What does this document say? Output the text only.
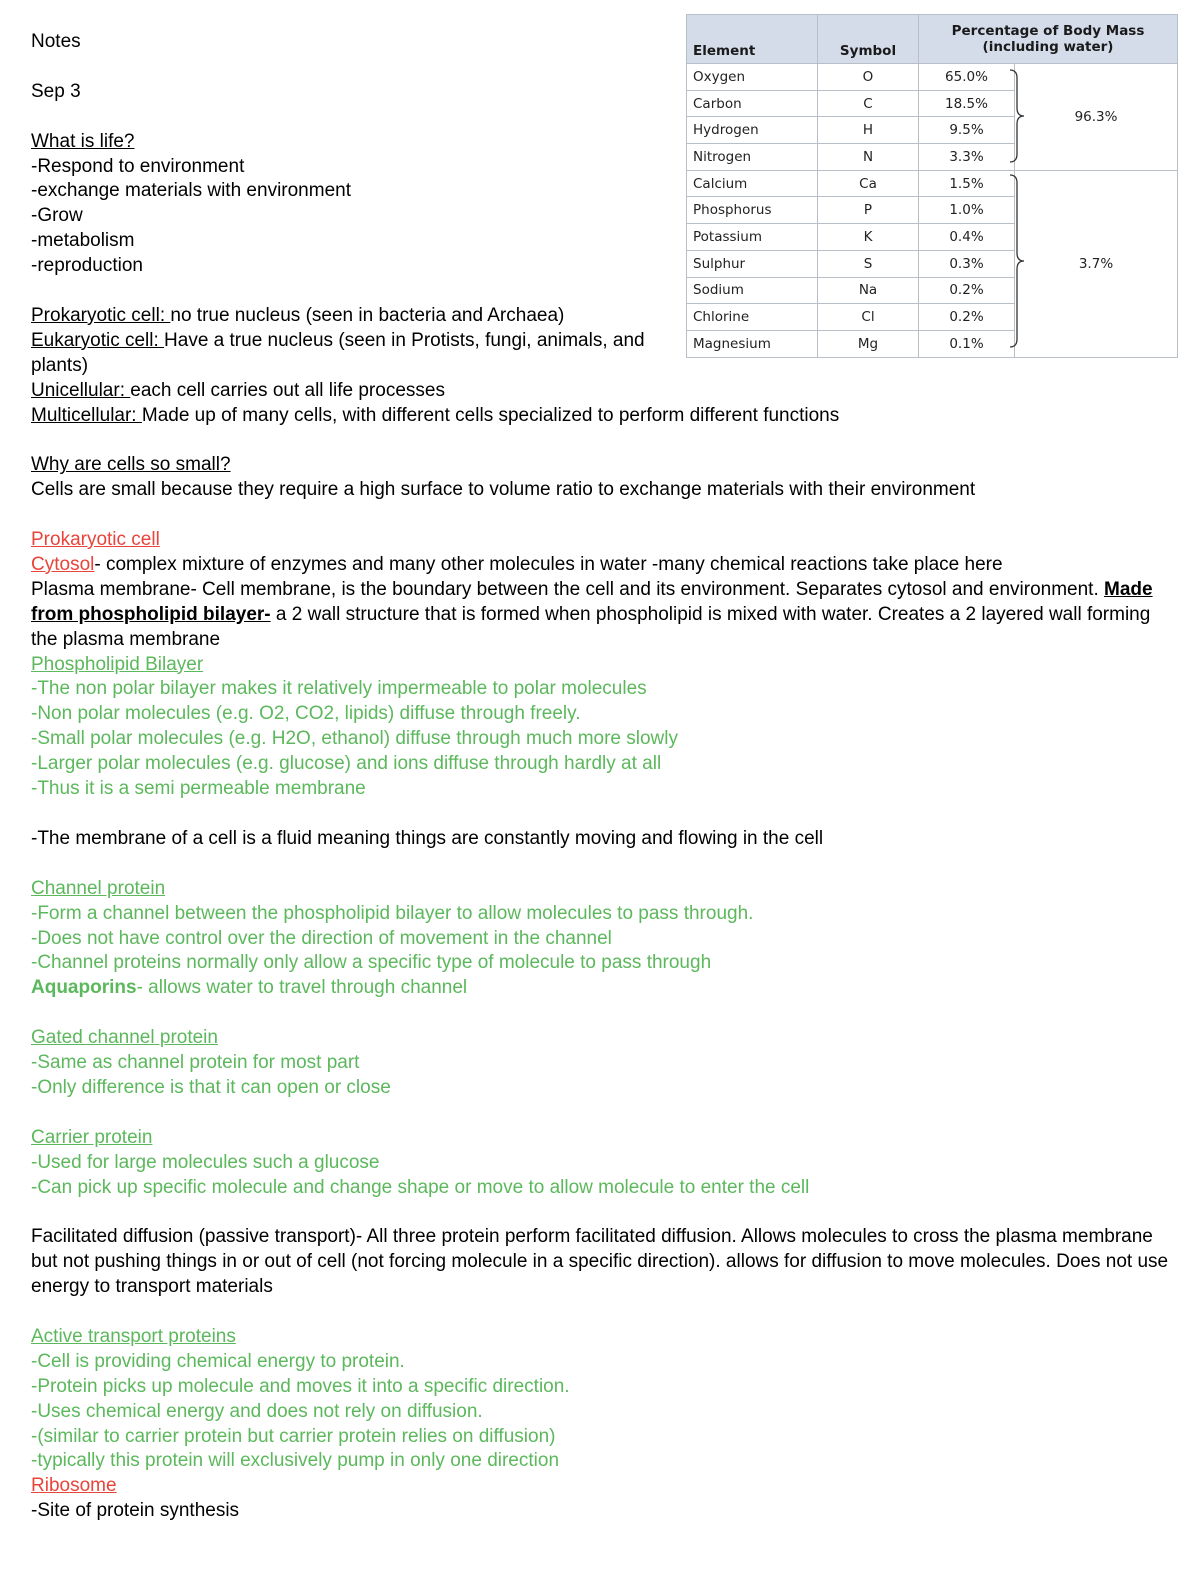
Notes

Sep 3

What is life?

-Respond to environment

-exchange materials with environment

-Grow

-metabolism

-reproduction

Prokaryotic cell: no true nucleus (seen in bacteria and Archaea)

Eukaryotic cell: Have a true nucleus (seen in Protists, fungi, animals, and plants)

Unicellular: each cell carries out all life processes

Multicellular: Made up of many cells, with different cells specialized to perform different functions

Why are cells so small?

Cells are small because they require a high surface to volume ratio to exchange materials with their environment

Prokaryotic cell

Cytosol- complex mixture of enzymes and many other molecules in water -many chemical reactions take place here

Plasma membrane- Cell membrane, is the boundary between the cell and its environment. Separates cytosol and environment. Made from phospholipid bilayer- a 2 wall structure that is formed when phospholipid is mixed with water. Creates a 2 layered wall forming the plasma membrane

Phospholipid Bilayer

-The non polar bilayer makes it relatively impermeable to polar molecules

-Non polar molecules (e.g. O2, CO2, lipids) diffuse through freely.

-Small polar molecules (e.g. H2O, ethanol) diffuse through much more slowly

-Larger polar molecules (e.g. glucose) and ions diffuse through hardly at all

-Thus it is a semi permeable membrane

-The membrane of a cell is a fluid meaning things are constantly moving and flowing in the cell

Channel protein

-Form a channel between the phospholipid bilayer to allow molecules to pass through.

-Does not have control over the direction of movement in the channel

-Channel proteins normally only allow a specific type of molecule to pass through

Aquaporins- allows water to travel through channel

Gated channel protein

-Same as channel protein for most part

-Only difference is that it can open or close

Carrier protein

-Used for large molecules such a glucose

-Can pick up specific molecule and change shape or move to allow molecule to enter the cell

Facilitated diffusion (passive transport)- All three protein perform facilitated diffusion. Allows molecules to cross the plasma membrane but not pushing things in or out of cell (not forcing molecule in a specific direction). allows for diffusion to move molecules. Does not use energy to transport materials

Active transport proteins

-Cell is providing chemical energy to protein.

-Protein picks up molecule and moves it into a specific direction.

-Uses chemical energy and does not rely on diffusion.

-(similar to carrier protein but carrier protein relies on diffusion)

-typically this protein will exclusively pump in only one direction

Ribosome

-Site of protein synthesis

Element	Symbol	Percentage of Body Mass
(including water)	

Oxygen	O	65.0%	96.3%
Carbon	C	18.5%	
Hydrogen	H	9.5%	
Nitrogen	N	3.3%	
Calcium	Ca	1.5%	3.7%
Phosphorus	P	1.0%	
Potassium	K	0.4%	
Sulphur	S	0.3%	
Sodium	Na	0.2%	
Chlorine	Cl	0.2%	
Magnesium	Mg	0.1%	
